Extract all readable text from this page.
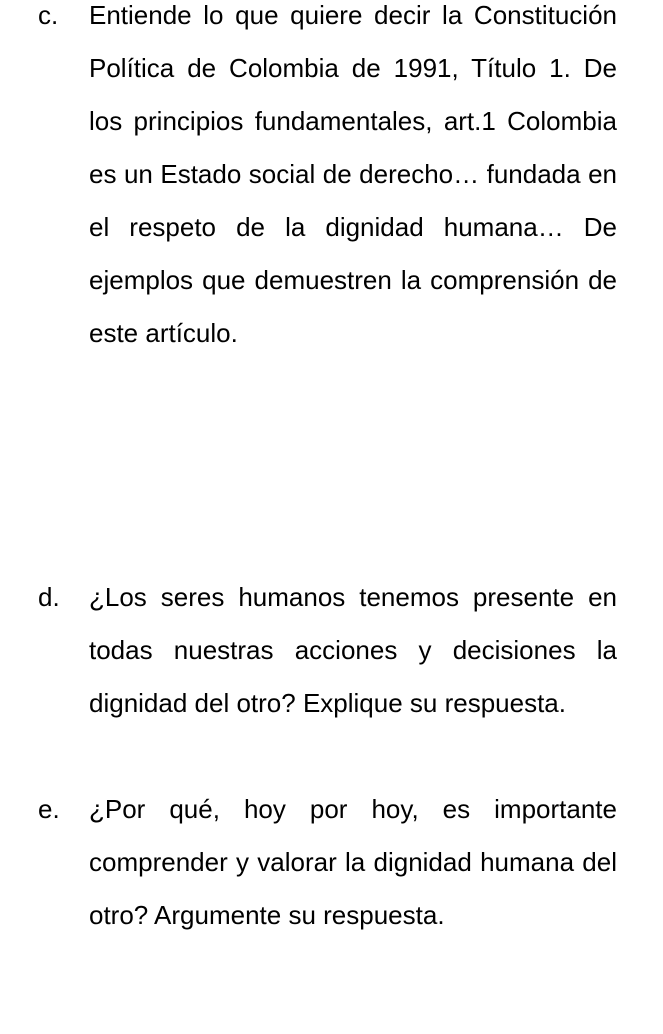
c. Entiende lo que quiere decir la Constitución Política de Colombia de 1991, Título 1. De los principios fundamentales, art.1 Colombia es un Estado social de derecho… fundada en el respeto de la dignidad humana… De ejemplos que demuestren la comprensión de este artículo.
d. ¿Los seres humanos tenemos presente en todas nuestras acciones y decisiones la dignidad del otro? Explique su respuesta.
e. ¿Por qué, hoy por hoy, es importante comprender y valorar la dignidad humana del otro? Argumente su respuesta.
